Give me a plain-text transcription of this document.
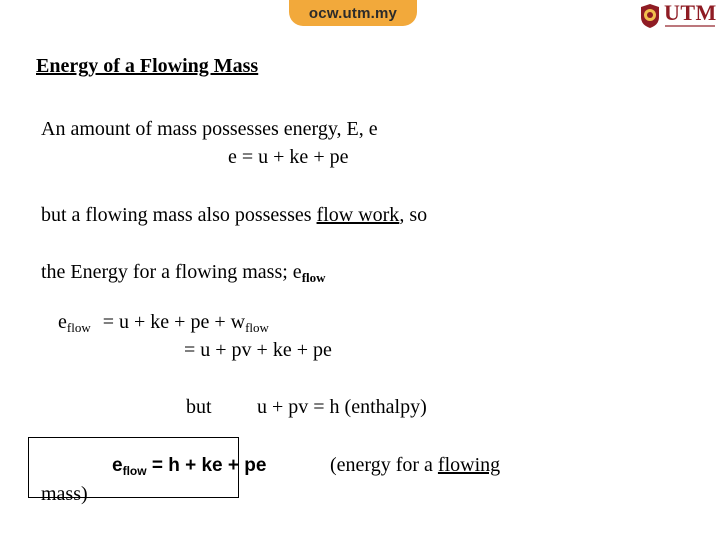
ocw.utm.my	UTM
Energy of a Flowing Mass
An amount of mass possesses energy, E, e
e = u + ke + pe
but a flowing mass also possesses flow work, so
the Energy for a flowing mass; $e_{flow}$
$e_{flow} = u$ + ke + pe + $w_{flow}$
= u + pv + ke + pe
but u + pv = h (enthalpy)
$e_{flow} = h$ + ke + pe	(energy for a flowing
mass)
